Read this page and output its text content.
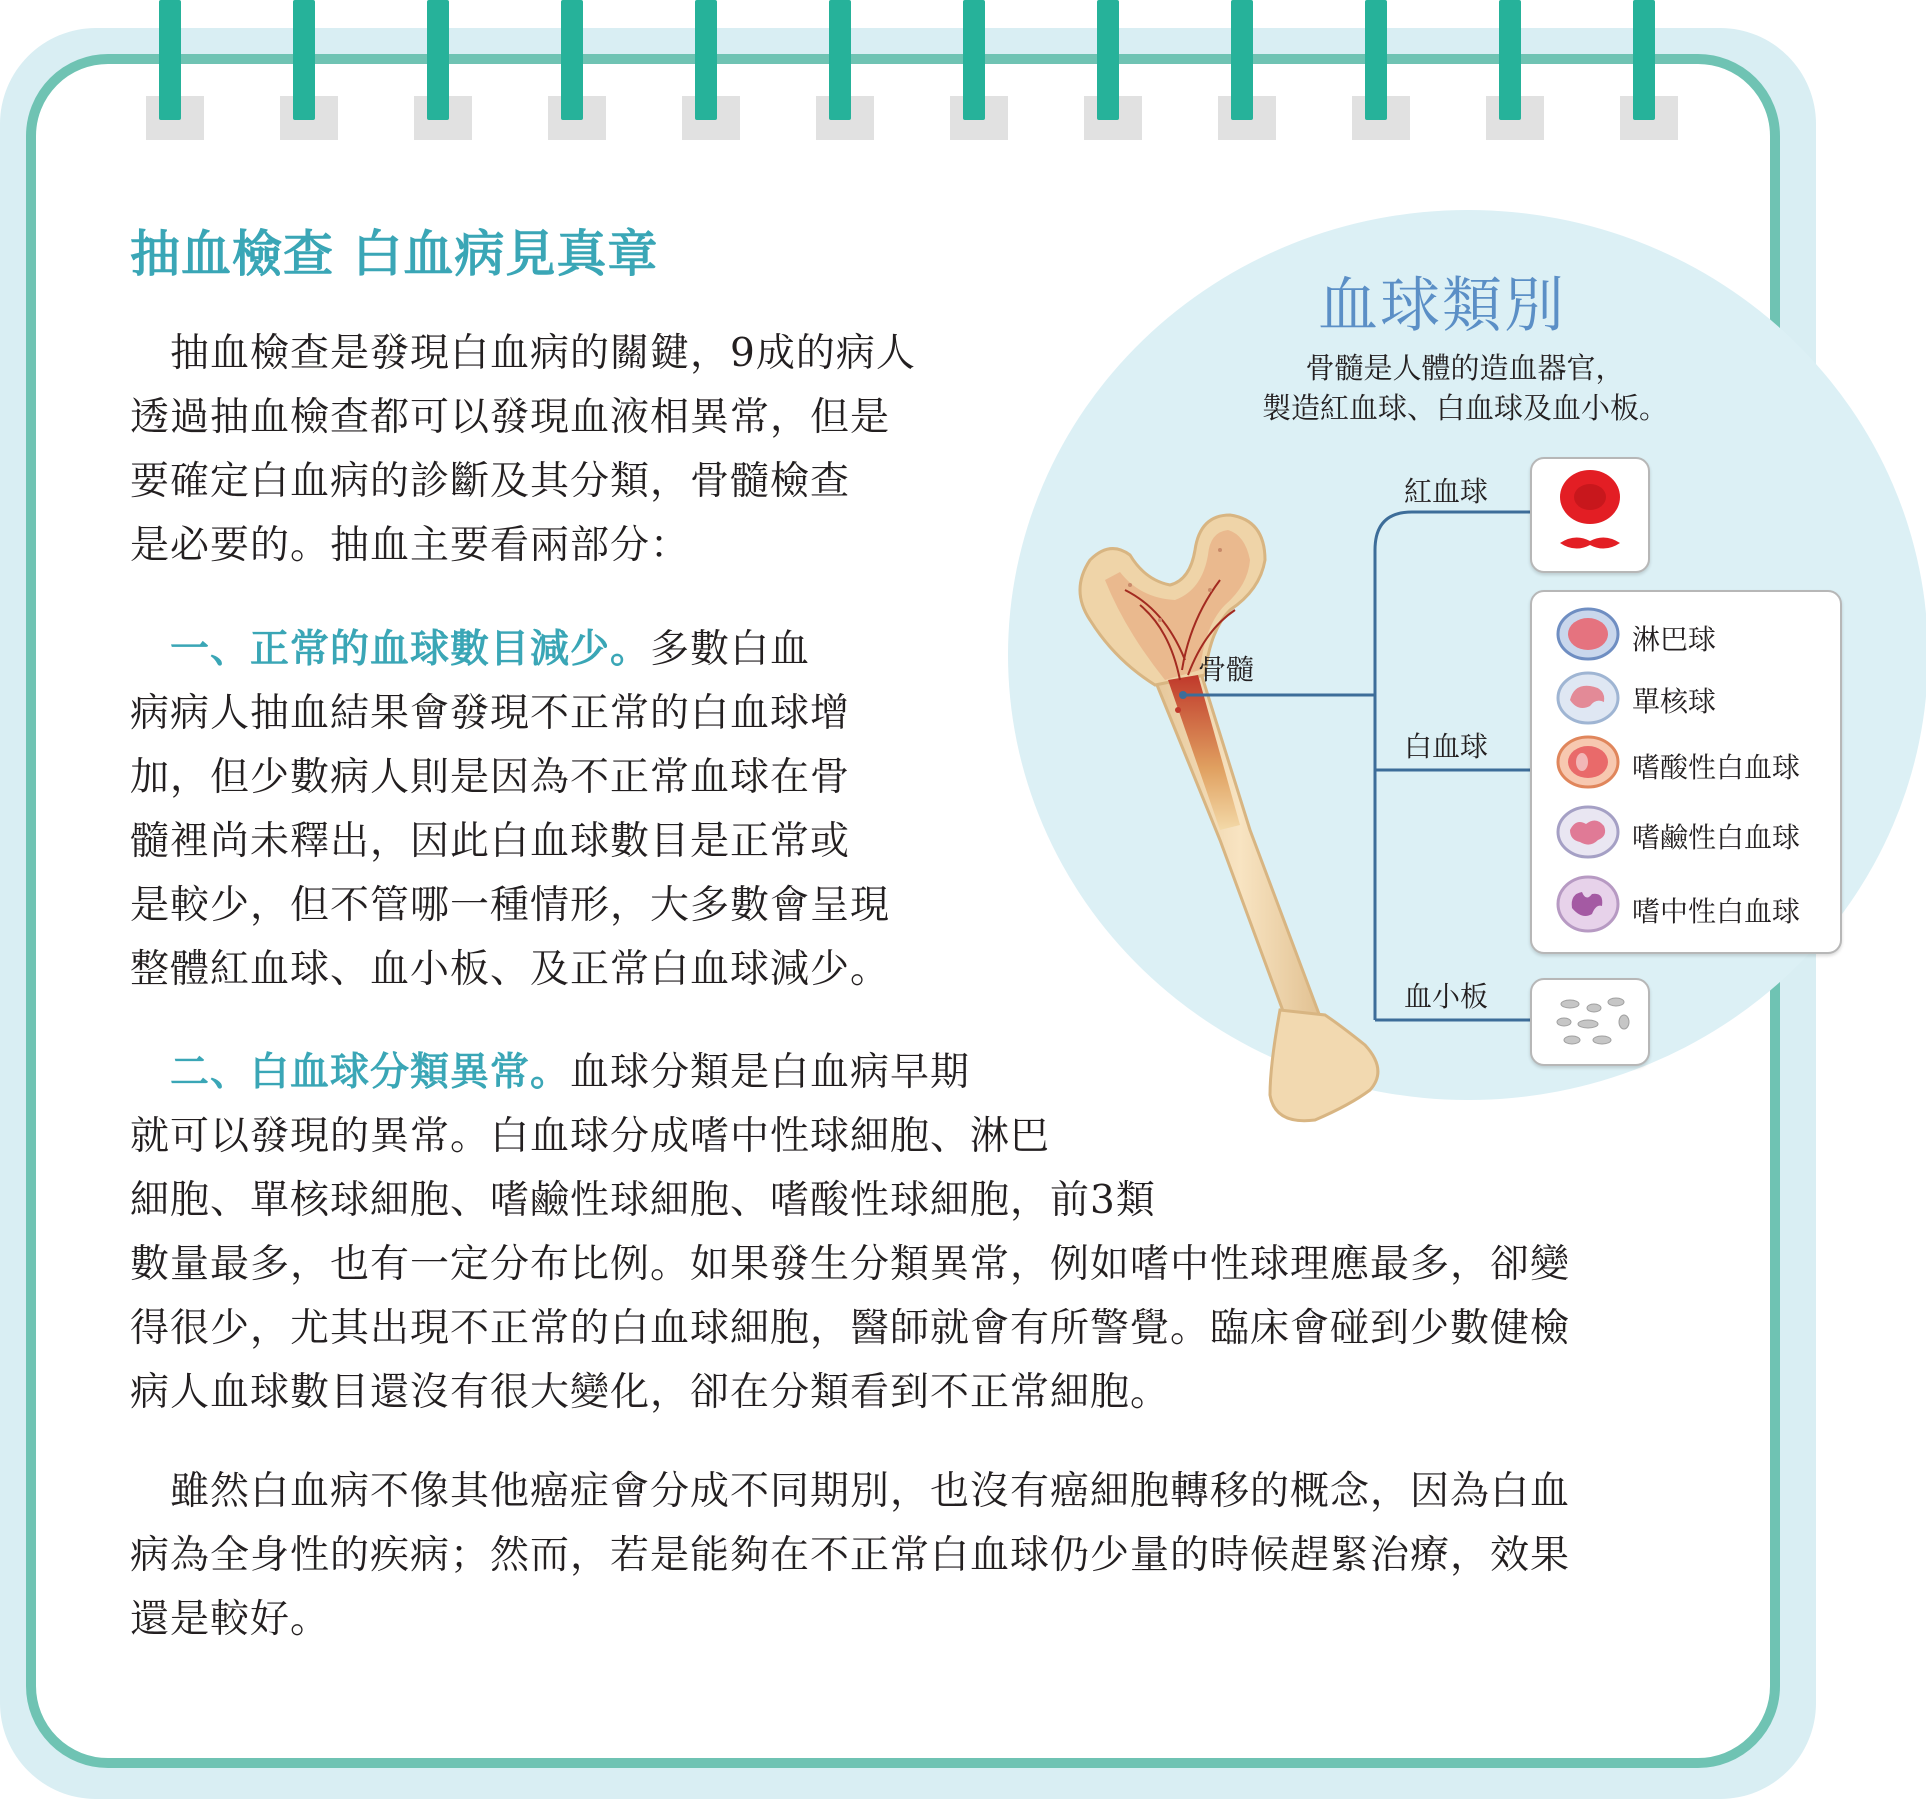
抽血檢查 白血病見真章
　抽血檢查是發現白血病的關鍵，9成的病人
透過抽血檢查都可以發現血液相異常，但是
要確定白血病的診斷及其分類，骨髓檢查
是必要的。抽血主要看兩部分：
　一、正常的血球數目減少。多數白血
病病人抽血結果會發現不正常的白血球增
加，但少數病人則是因為不正常血球在骨
髓裡尚未釋出，因此白血球數目是正常或
是較少，但不管哪一種情形，大多數會呈現
整體紅血球、血小板、及正常白血球減少。
　二、白血球分類異常。血球分類是白血病早期
就可以發現的異常。白血球分成嗜中性球細胞、淋巴
細胞、單核球細胞、嗜鹼性球細胞、嗜酸性球細胞，前3類
數量最多，也有一定分布比例。如果發生分類異常，例如嗜中性球理應最多，卻變
得很少，尤其出現不正常的白血球細胞，醫師就會有所警覺。臨床會碰到少數健檢
病人血球數目還沒有很大變化，卻在分類看到不正常細胞。
　雖然白血病不像其他癌症會分成不同期別，也沒有癌細胞轉移的概念，因為白血
病為全身性的疾病；然而，若是能夠在不正常白血球仍少量的時候趕緊治療，效果
還是較好。
血球類別
骨髓是人體的造血器官，
製造紅血球、白血球及血小板。
骨髓
紅血球
白血球
血小板
淋巴球
單核球
嗜酸性白血球
嗜鹼性白血球
嗜中性白血球
